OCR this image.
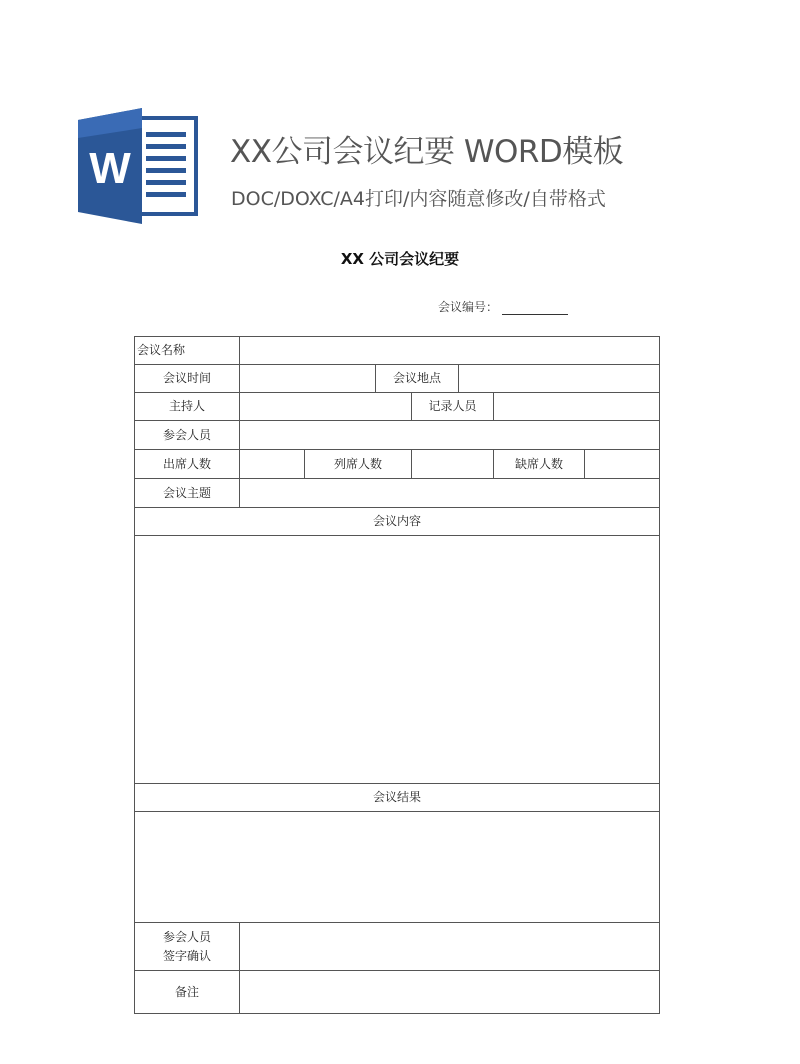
W	XX公司会议纪要 WORD模板
DOC/DOXC/A4打印/内容随意修改/自带格式
XX 公司会议纪要
会议编号：
会议名称
会议时间	会议地点
主持人	记录人员
参会人员
出席人数	列席人数	缺席人数
会议主题
会议内容
会议结果
参会人员
签字确认
备注
